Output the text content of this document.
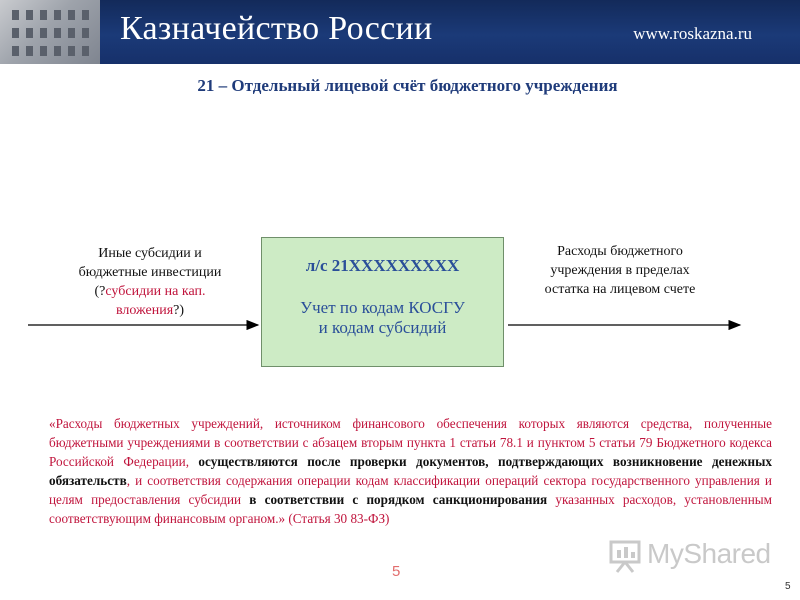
Казначейство России	www.roskazna.ru
21 – Отдельный лицевой счёт бюджетного учреждения
Иные субсидии и
бюджетные инвестиции
(?субсидии на кап. вложения?)
л/с 21XXXXXXXXX
Учет по кодам КОСГУ
и кодам субсидий
Расходы бюджетного учреждения в пределах остатка на лицевом счете
«Расходы бюджетных учреждений, источником финансового обеспечения которых являются средства, полученные бюджетными учреждениями в соответствии с абзацем вторым пункта 1 статьи 78.1 и пунктом 5 статьи 79 Бюджетного кодекса Российской Федерации, осуществляются после проверки документов, подтверждающих возникновение денежных обязательств, и соответствия содержания операции кодам классификации операций сектора государственного управления и целям предоставления субсидии в соответствии с порядком санкционирования указанных расходов, установленным соответствующим финансовым органом.» (Статья 30 83-ФЗ)
MyShared
5
5
